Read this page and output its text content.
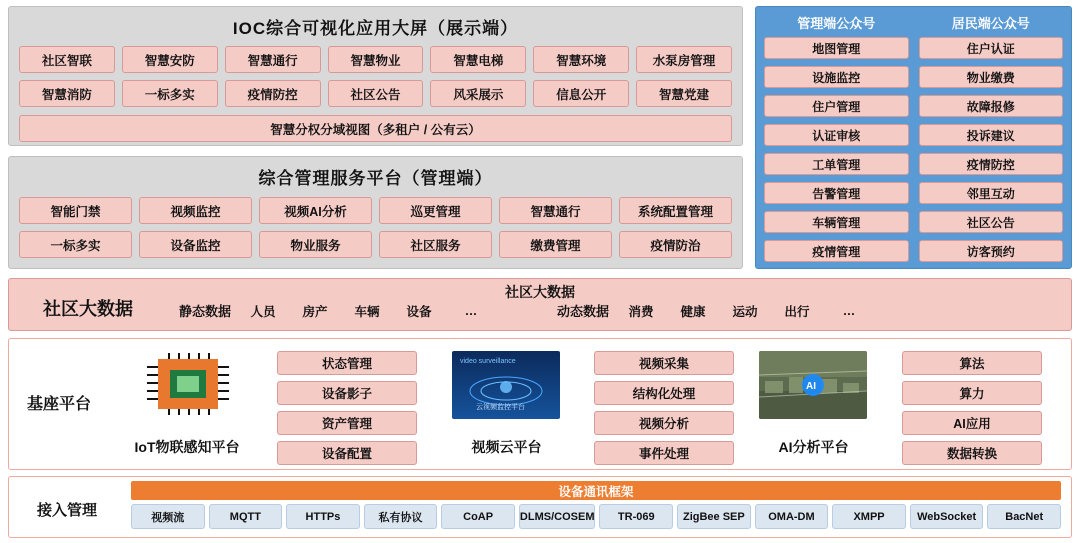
IOC综合可视化应用大屏（展示端）
社区智联	智慧安防	智慧通行	智慧物业	智慧电梯	智慧环境	水泵房管理
智慧消防	一标多实	疫情防控	社区公告	风采展示	信息公开	智慧党建
智慧分权分域视图（多租户 / 公有云）
管理端公众号	居民端公众号
地图管理	住户认证
设施监控	物业缴费
住户管理	故障报修
认证审核	投诉建议
工单管理	疫情防控
告警管理	邻里互动
车辆管理	社区公告
疫情管理	访客预约
综合管理服务平台（管理端）
智能门禁	视频监控	视频AI分析	巡更管理	智慧通行	系统配置管理
一标多实	设备监控	物业服务	社区服务	缴费管理	疫情防治
社区大数据
社区大数据	静态数据	人员	房产	车辆	设备	…	动态数据	消费	健康	运动	出行	…
基座平台
IoT物联感知平台
状态管理
设备影子
资产管理
设备配置
video surveillance
云视频监控平台
视频云平台
视频采集
结构化处理
视频分析
事件处理
AI
AI分析平台
算法
算力
AI应用
数据转换
接入管理
设备通讯框架
视频流	MQTT	HTTPs	私有协议	CoAP	DLMS/COSEM	TR-069	ZigBee SEP	OMA-DM	XMPP	WebSocket	BacNet
